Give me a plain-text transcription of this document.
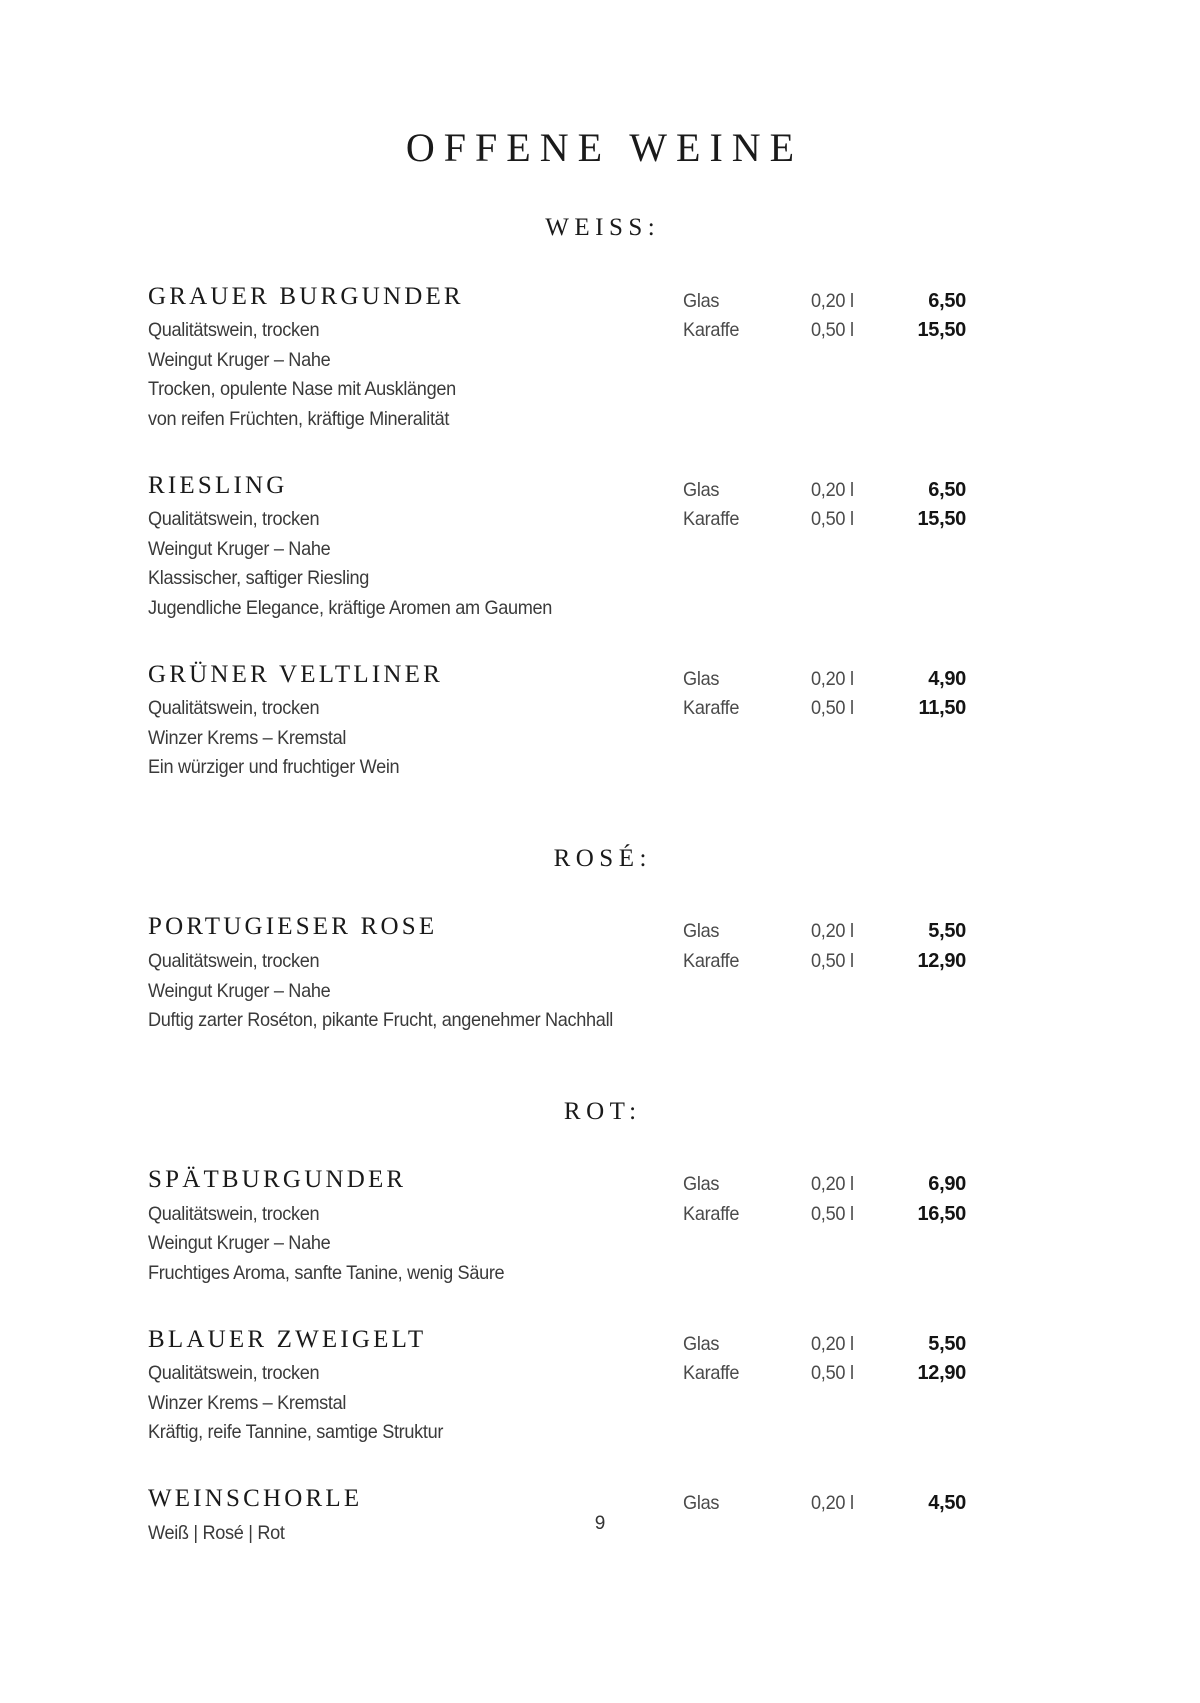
OFFENE WEINE
WEISS:
GRAUER BURGUNDER
Qualitätswein, trocken
Weingut Kruger – Nahe
Trocken, opulente Nase mit Ausklängen
von reifen Früchten, kräftige Mineralität
Glas	0,20 l	6,50
Karaffe	0,50 l	15,50
RIESLING
Qualitätswein, trocken
Weingut Kruger – Nahe
Klassischer, saftiger Riesling
Jugendliche Elegance, kräftige Aromen am Gaumen
Glas	0,20 l	6,50
Karaffe	0,50 l	15,50
GRÜNER VELTLINER
Qualitätswein, trocken
Winzer Krems – Kremstal
Ein würziger und fruchtiger Wein
Glas	0,20 l	4,90
Karaffe	0,50 l	11,50
ROSÉ:
PORTUGIESER ROSE
Qualitätswein, trocken
Weingut Kruger – Nahe
Duftig zarter Roséton, pikante Frucht, angenehmer Nachhall
Glas	0,20 l	5,50
Karaffe	0,50 l	12,90
ROT:
SPÄTBURGUNDER
Qualitätswein, trocken
Weingut Kruger – Nahe
Fruchtiges Aroma, sanfte Tanine, wenig Säure
Glas	0,20 l	6,90
Karaffe	0,50 l	16,50
BLAUER ZWEIGELT
Qualitätswein, trocken
Winzer Krems – Kremstal
Kräftig, reife Tannine, samtige Struktur
Glas	0,20 l	5,50
Karaffe	0,50 l	12,90
WEINSCHORLE
Weiß | Rosé | Rot
Glas	0,20 l	4,50
9
